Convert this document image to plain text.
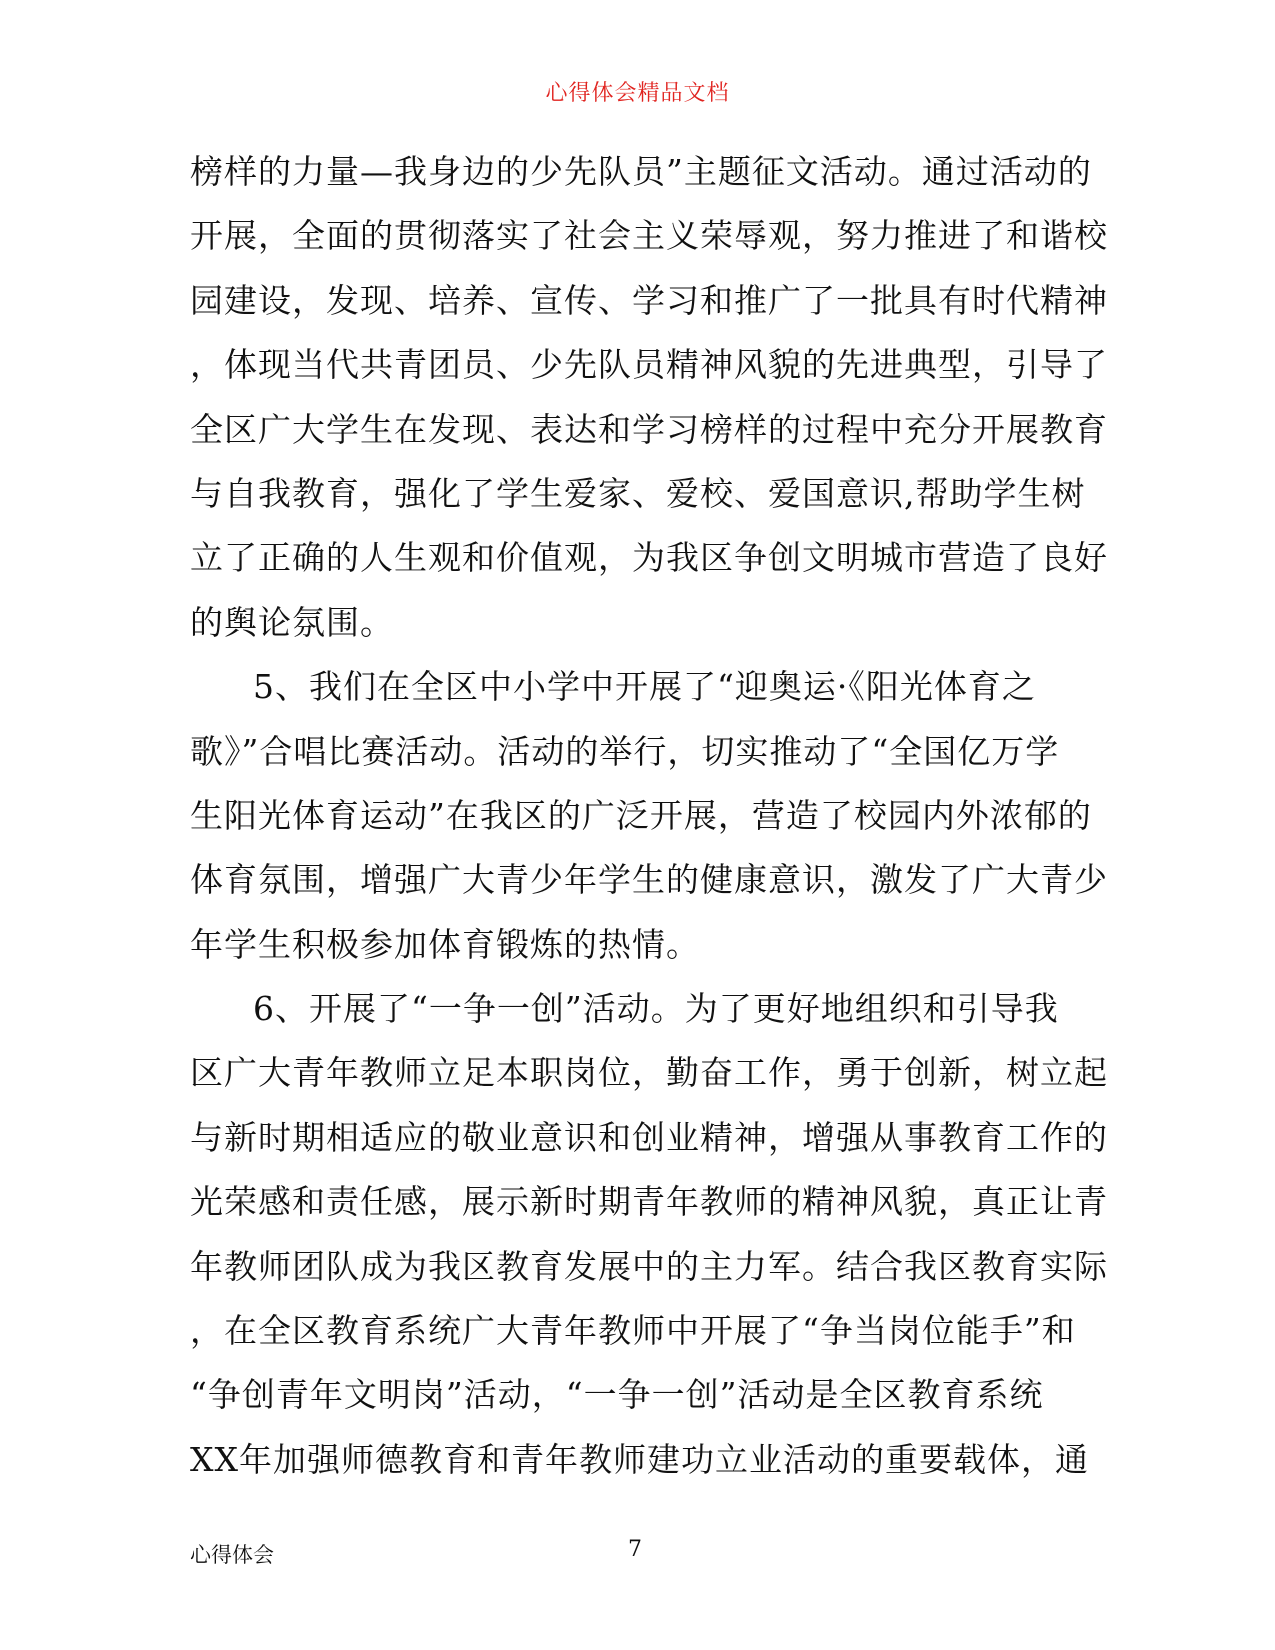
心得体会精品文档
榜样的力量—我身边的少先队员”主题征文活动。通过活动的
开展，全面的贯彻落实了社会主义荣辱观，努力推进了和谐校
园建设，发现、培养、宣传、学习和推广了一批具有时代精神
，体现当代共青团员、少先队员精神风貌的先进典型，引导了
全区广大学生在发现、表达和学习榜样的过程中充分开展教育
与自我教育，强化了学生爱家、爱校、爱国意识,帮助学生树
立了正确的人生观和价值观，为我区争创文明城市营造了良好
的舆论氛围。
5、我们在全区中小学中开展了“迎奥运·《阳光体育之
歌》”合唱比赛活动。活动的举行，切实推动了“全国亿万学
生阳光体育运动”在我区的广泛开展，营造了校园内外浓郁的
体育氛围，增强广大青少年学生的健康意识，激发了广大青少
年学生积极参加体育锻炼的热情。
6、开展了“一争一创”活动。为了更好地组织和引导我
区广大青年教师立足本职岗位，勤奋工作，勇于创新，树立起
与新时期相适应的敬业意识和创业精神，增强从事教育工作的
光荣感和责任感，展示新时期青年教师的精神风貌，真正让青
年教师团队成为我区教育发展中的主力军。结合我区教育实际
，在全区教育系统广大青年教师中开展了“争当岗位能手”和
“争创青年文明岗”活动，“一争一创”活动是全区教育系统
XX年加强师德教育和青年教师建功立业活动的重要载体，通
心得体会	7
